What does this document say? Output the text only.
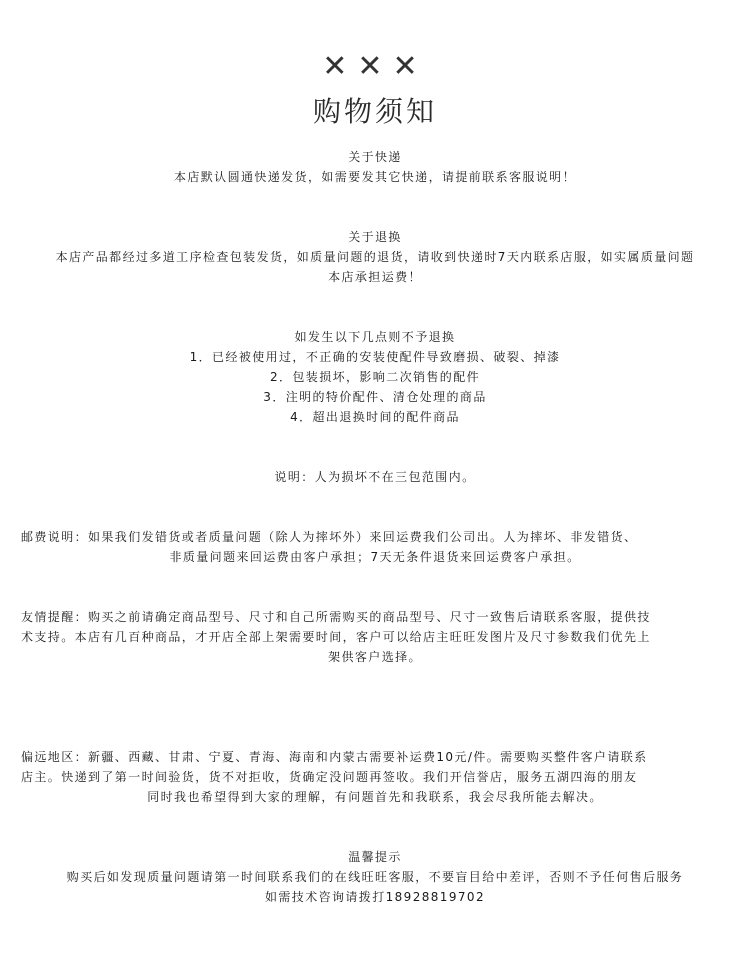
✕✕✕
购物须知
关于快递
本店默认圆通快递发货，如需要发其它快递，请提前联系客服说明！
关于退换
本店产品都经过多道工序检查包装发货，如质量问题的退货，请收到快递时7天内联系店服，如实属质量问题
本店承担运费！
如发生以下几点则不予退换
1．已经被使用过，不正确的安装使配件导致磨损、破裂、掉漆
2．包装损坏，影响二次销售的配件
3．注明的特价配件、清仓处理的商品
4．超出退换时间的配件商品
说明：人为损坏不在三包范围内。
邮费说明：如果我们发错货或者质量问题（除人为摔坏外）来回运费我们公司出。人为摔坏、非发错货、
非质量问题来回运费由客户承担；7天无条件退货来回运费客户承担。
友情提醒：购买之前请确定商品型号、尺寸和自己所需购买的商品型号、尺寸一致售后请联系客服，提供技
术支持。本店有几百种商品，才开店全部上架需要时间，客户可以给店主旺旺发图片及尺寸参数我们优先上
架供客户选择。
偏远地区：新疆、西藏、甘肃、宁夏、青海、海南和内蒙古需要补运费10元/件。需要购买整件客户请联系
店主。快递到了第一时间验货，货不对拒收，货确定没问题再签收。我们开信誉店，服务五湖四海的朋友
同时我也希望得到大家的理解，有问题首先和我联系，我会尽我所能去解决。
温馨提示
购买后如发现质量问题请第一时间联系我们的在线旺旺客服，不要盲目给中差评，否则不予任何售后服务
如需技术咨询请拨打18928819702
